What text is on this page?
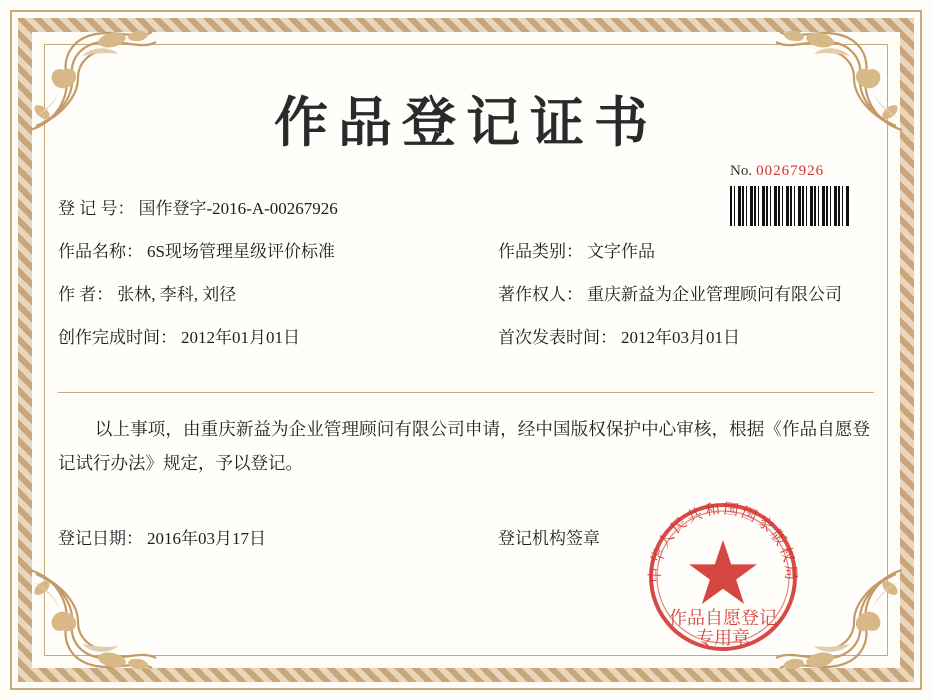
作品登记证书
No. 00267926
登 记 号： 国作登字-2016-A-00267926
作品名称： 6S现场管理星级评价标准	作品类别： 文字作品
作 者： 张林, 李科, 刘径	著作权人： 重庆新益为企业管理顾问有限公司
创作完成时间： 2012年01月01日	首次发表时间： 2012年03月01日
以上事项，由重庆新益为企业管理顾问有限公司申请，经中国版权保护中心审核，根据《作品自愿登记试行办法》规定，予以登记。
登记日期： 2016年03月17日	登记机构签章
中华人民共和国国家版权局
作品自愿登记
专用章
